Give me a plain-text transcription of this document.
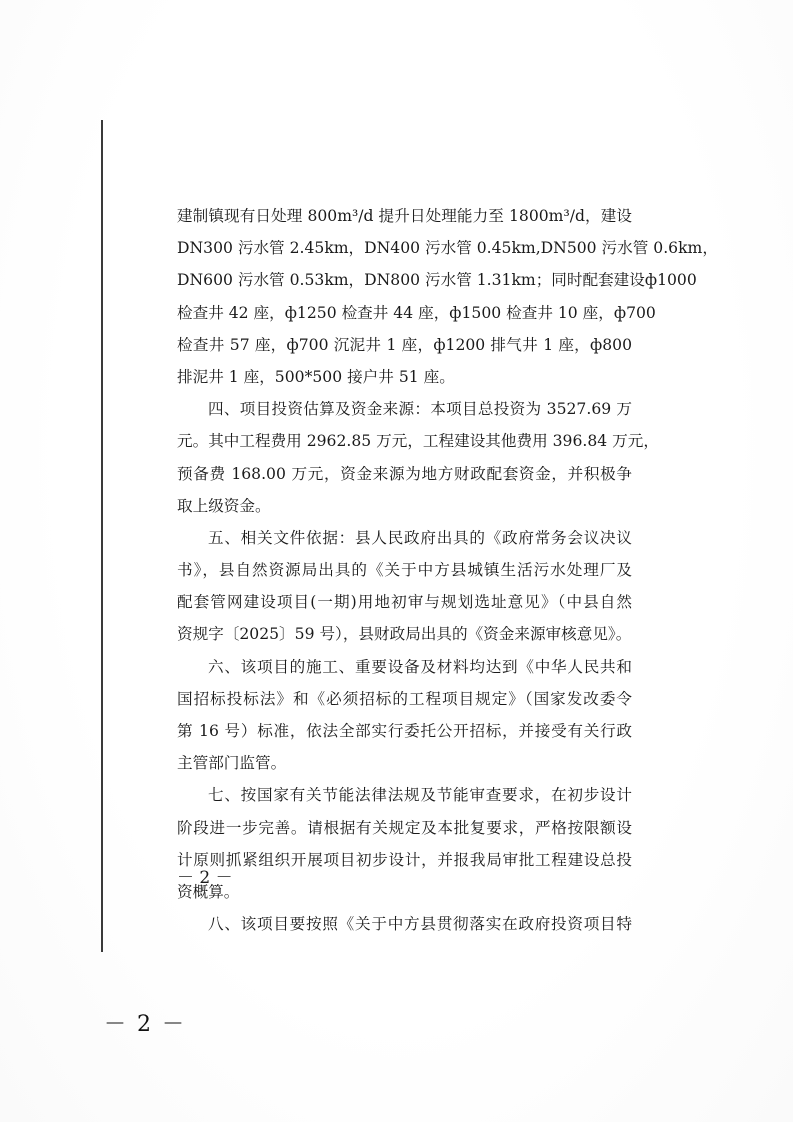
建制镇现有日处理 800m³/d 提升日处理能力至 1800m³/d，建设
DN300 污水管 2.45km，DN400 污水管 0.45km,DN500 污水管 0.6km，
DN600 污水管 0.53km，DN800 污水管 1.31km；同时配套建设ф1000
检查井 42 座，ф1250 检查井 44 座，ф1500 检查井 10 座，ф700
检查井 57 座，ф700 沉泥井 1 座，ф1200 排气井 1 座，ф800
排泥井 1 座，500*500 接户井 51 座。
四、项目投资估算及资金来源：本项目总投资为 3527.69 万
元。其中工程费用 2962.85 万元，工程建设其他费用 396.84 万元，
预备费 168.00 万元，资金来源为地方财政配套资金，并积极争
取上级资金。
五、相关文件依据：县人民政府出具的《政府常务会议决议
书》，县自然资源局出具的《关于中方县城镇生活污水处理厂及
配套管网建设项目(一期)用地初审与规划选址意见》（中县自然
资规字〔2025〕59 号），县财政局出具的《资金来源审核意见》。
六、该项目的施工、重要设备及材料均达到《中华人民共和
国招标投标法》和《必须招标的工程项目规定》（国家发改委令
第 16 号）标准，依法全部实行委托公开招标，并接受有关行政
主管部门监管。
七、按国家有关节能法律法规及节能审查要求，在初步设计
阶段进一步完善。请根据有关规定及本批复要求，严格按限额设
计原则抓紧组织开展项目初步设计，并报我局审批工程建设总投
资概算。
八、该项目要按照《关于中方县贯彻落实在政府投资项目特
－ 2 －
－ 2 －
